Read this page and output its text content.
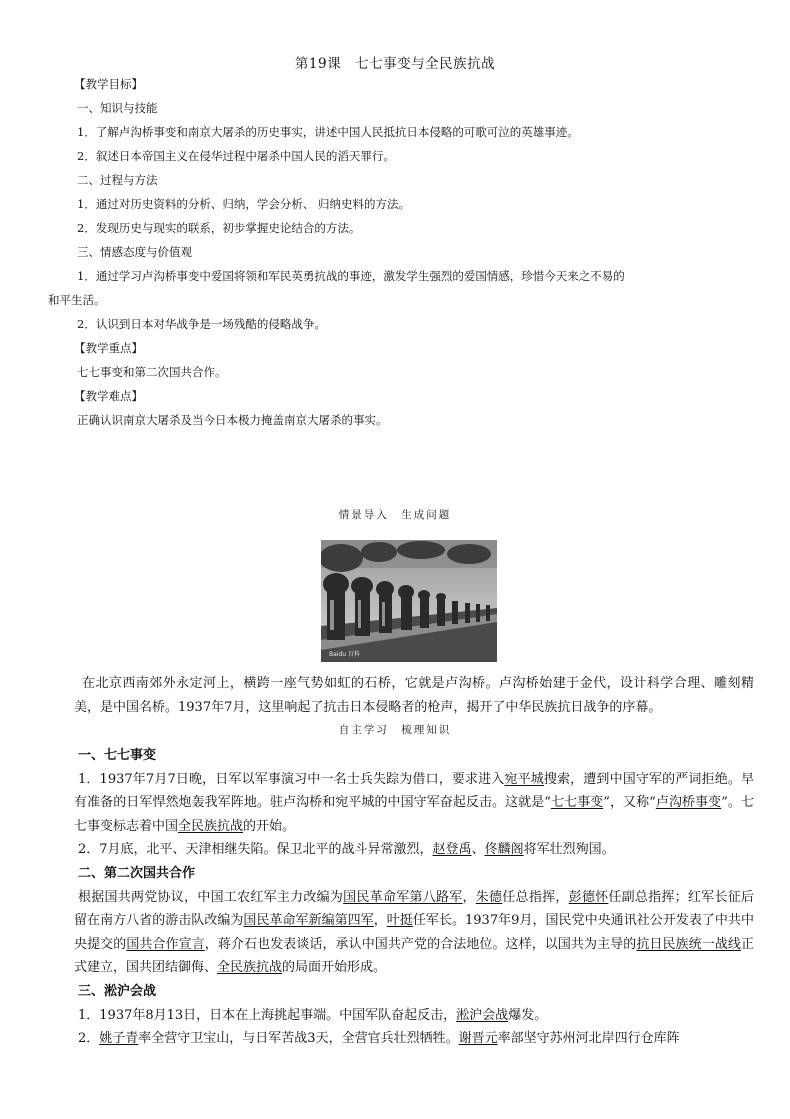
第19课　七七事变与全民族抗战

【教学目标】

一、知识与技能

1．了解卢沟桥事变和南京大屠杀的历史事实，讲述中国人民抵抗日本侵略的可歌可泣的英雄事迹。

2．叙述日本帝国主义在侵华过程中屠杀中国人民的滔天罪行。

二、过程与方法

1．通过对历史资料的分析、归纳，学会分析、 归纳史料的方法。

2．发现历史与现实的联系，初步掌握史论结合的方法。

三、情感态度与价值观

1．通过学习卢沟桥事变中爱国将领和军民英勇抗战的事迹，激发学生强烈的爱国情感，珍惜今天来之不易的

和平生活。

2．认识到日本对华战争是一场残酷的侵略战争。

【教学重点】

七七事变和第二次国共合作。

【教学难点】

正确认识南京大屠杀及当今日本极力掩盖南京大屠杀的事实。

情景导入　生成问题
Baidu 百科
在北京西南郊外永定河上，横跨一座气势如虹的石桥，它就是卢沟桥。卢沟桥始建于金代，设计科学合理、雕刻精美，是中国名桥。1937年7月，这里响起了抗击日本侵略者的枪声，揭开了中华民族抗日战争的序幕。
自主学习　梳理知识

一、七七事变

1．1937年7月7日晚，日军以军事演习中一名士兵失踪为借口，要求进入宛平城搜索，遭到中国守军的严词拒绝。早有准备的日军悍然炮轰我军阵地。驻卢沟桥和宛平城的中国守军奋起反击。这就是“七七事变”，又称“卢沟桥事变”。七七事变标志着中国全民族抗战的开始。

2．7月底，北平、天津相继失陷。保卫北平的战斗异常激烈，赵登禹、佟麟阁将军壮烈殉国。

二、第二次国共合作

根据国共两党协议，中国工农红军主力改编为国民革命军第八路军，朱德任总指挥，彭德怀任副总指挥；红军长征后留在南方八省的游击队改编为国民革命军新编第四军，叶挺任军长。1937年9月，国民党中央通讯社公开发表了中共中央提交的国共合作宣言，蒋介石也发表谈话，承认中国共产党的合法地位。这样，以国共为主导的抗日民族统一战线正式建立，国共团结御侮、全民族抗战的局面开始形成。

三、淞沪会战

1．1937年8月13日，日本在上海挑起事端。中国军队奋起反击，淞沪会战爆发。

2．姚子青率全营守卫宝山，与日军苦战3天，全营官兵壮烈牺牲。谢晋元率部坚守苏州河北岸四行仓库阵
